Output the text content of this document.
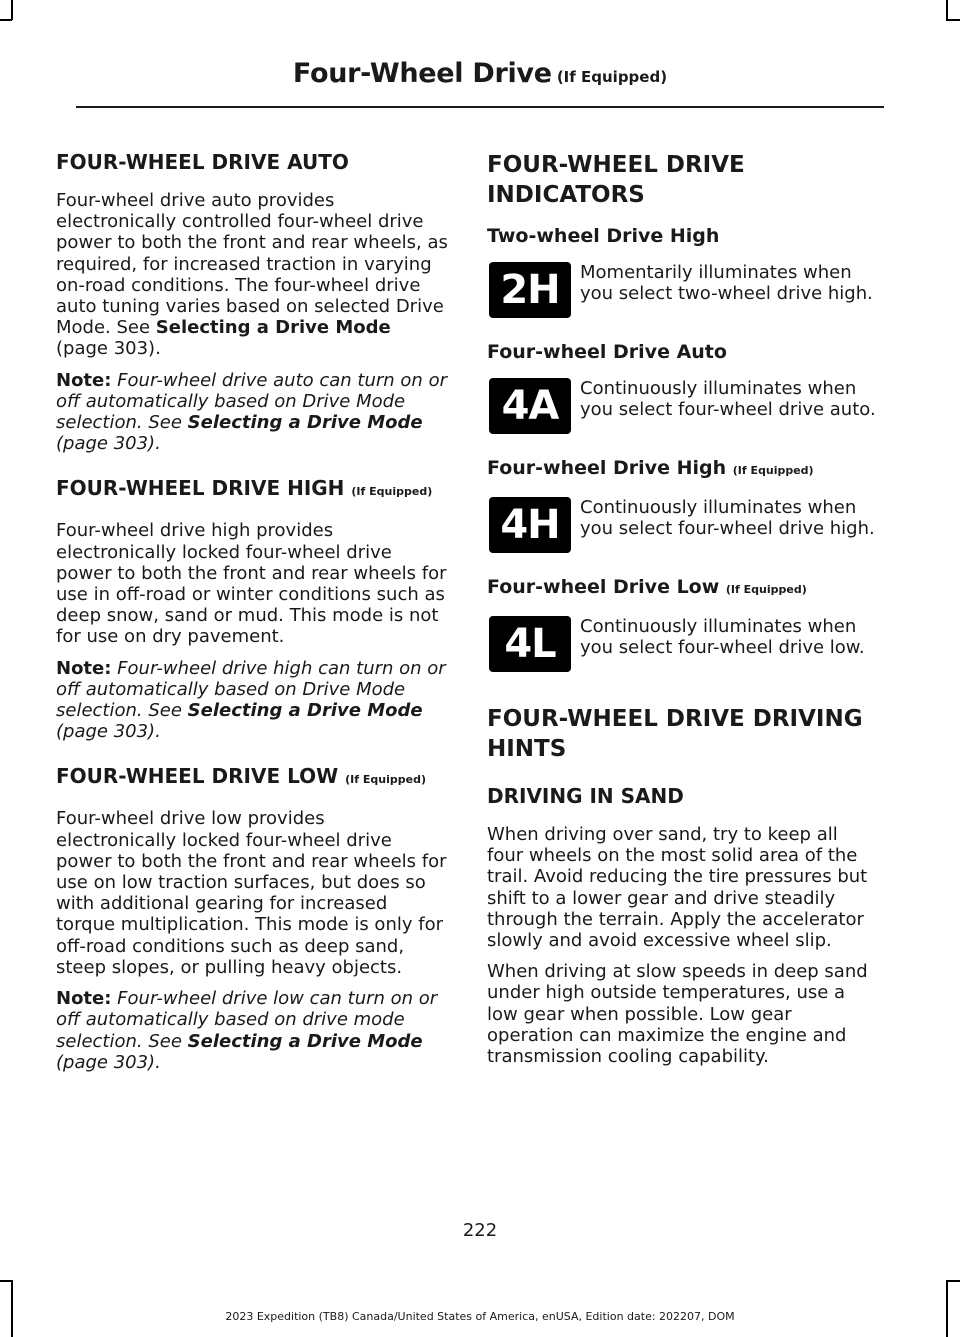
Four-Wheel Drive (If Equipped)
FOUR-WHEEL DRIVE AUTO

Four-wheel drive auto provides electronically controlled four-wheel drive power to both the front and rear wheels, as required, for increased traction in varying on-road conditions. The four-wheel drive auto tuning varies based on selected Drive Mode. See Selecting a Drive Mode (page 303).

Note: Four-wheel drive auto can turn on or off automatically based on Drive Mode selection. See Selecting a Drive Mode (page 303).

FOUR-WHEEL DRIVE HIGH (If Equipped)

Four-wheel drive high provides electronically locked four-wheel drive power to both the front and rear wheels for use in off-road or winter conditions such as deep snow, sand or mud. This mode is not for use on dry pavement.

Note: Four-wheel drive high can turn on or off automatically based on Drive Mode selection. See Selecting a Drive Mode (page 303).

FOUR-WHEEL DRIVE LOW (If Equipped)

Four-wheel drive low provides electronically locked four-wheel drive power to both the front and rear wheels for use on low traction surfaces, but does so with additional gearing for increased torque multiplication. This mode is only for off-road conditions such as deep sand, steep slopes, or pulling heavy objects.

Note: Four-wheel drive low can turn on or off automatically based on drive mode selection. See Selecting a Drive Mode (page 303).

FOUR-WHEEL DRIVE
INDICATORS
Two-wheel Drive High
2H	Momentarily illuminates when you select two-wheel drive high.

Four-wheel Drive Auto
4A	Continuously illuminates when you select four-wheel drive auto.

Four-wheel Drive High (If Equipped)
4H	Continuously illuminates when you select four-wheel drive high.

Four-wheel Drive Low (If Equipped)
4L	Continuously illuminates when you select four-wheel drive low.

FOUR-WHEEL DRIVE DRIVING
HINTS
DRIVING IN SAND

When driving over sand, try to keep all four wheels on the most solid area of the trail. Avoid reducing the tire pressures but shift to a lower gear and drive steadily through the terrain. Apply the accelerator slowly and avoid excessive wheel slip.

When driving at slow speeds in deep sand under high outside temperatures, use a low gear when possible. Low gear operation can maximize the engine and transmission cooling capability.

222
2023 Expedition (TB8) Canada/United States of America, enUSA, Edition date: 202207, DOM
